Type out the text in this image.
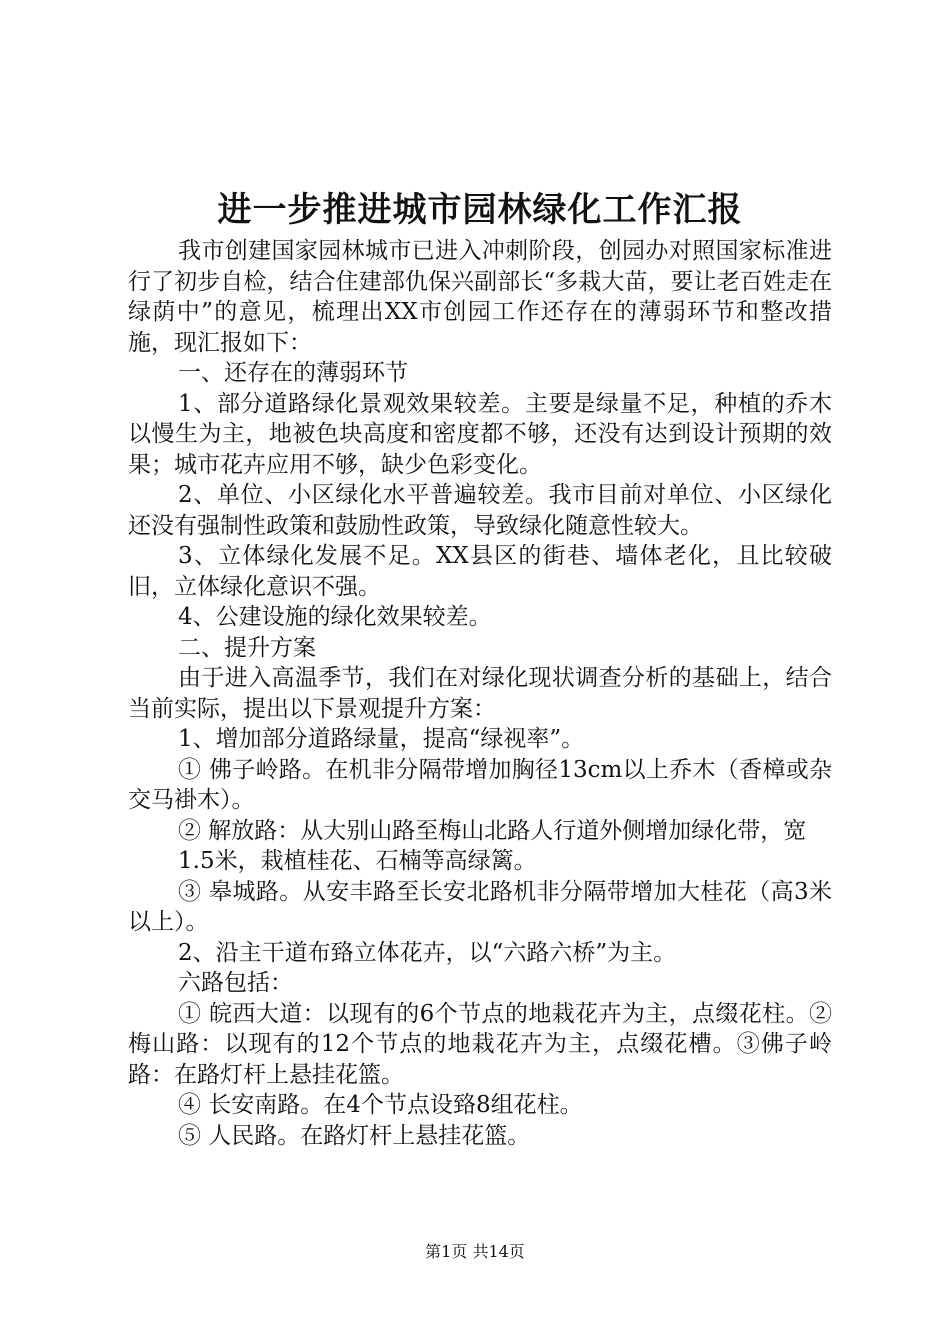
进一步推进城市园林绿化工作汇报

我市创建国家园林城市已进入冲刺阶段，创园办对照国家标准进行了初步自检，结合住建部仇保兴副部长“多栽大苗，要让老百姓走在绿荫中”的意见，梳理出XX市创园工作还存在的薄弱环节和整改措施，现汇报如下：

一、还存在的薄弱环节

1、部分道路绿化景观效果较差。主要是绿量不足，种植的乔木以慢生为主，地被色块高度和密度都不够，还没有达到设计预期的效果；城市花卉应用不够，缺少色彩变化。

2、单位、小区绿化水平普遍较差。我市目前对单位、小区绿化还没有强制性政策和鼓励性政策，导致绿化随意性较大。

3、立体绿化发展不足。XX县区的街巷、墙体老化，且比较破旧，立体绿化意识不强。

4、公建设施的绿化效果较差。

二、提升方案

由于进入高温季节，我们在对绿化现状调查分析的基础上，结合当前实际，提出以下景观提升方案：

1、增加部分道路绿量，提高“绿视率”。

① 佛子岭路。在机非分隔带增加胸径13cm以上乔木（香樟或杂交马褂木）。

② 解放路：从大别山路至梅山北路人行道外侧增加绿化带，宽

1.5米，栽植桂花、石楠等高绿篱。

③ 皋城路。从安丰路至长安北路机非分隔带增加大桂花（高3米以上）。

2、沿主干道布臵立体花卉，以“六路六桥”为主。

六路包括：

① 皖西大道：以现有的6个节点的地栽花卉为主，点缀花柱。②梅山路：以现有的12个节点的地栽花卉为主，点缀花槽。③佛子岭路：在路灯杆上悬挂花篮。

④ 长安南路。在4个节点设臵8组花柱。

⑤ 人民路。在路灯杆上悬挂花篮。

第1页 共14页
